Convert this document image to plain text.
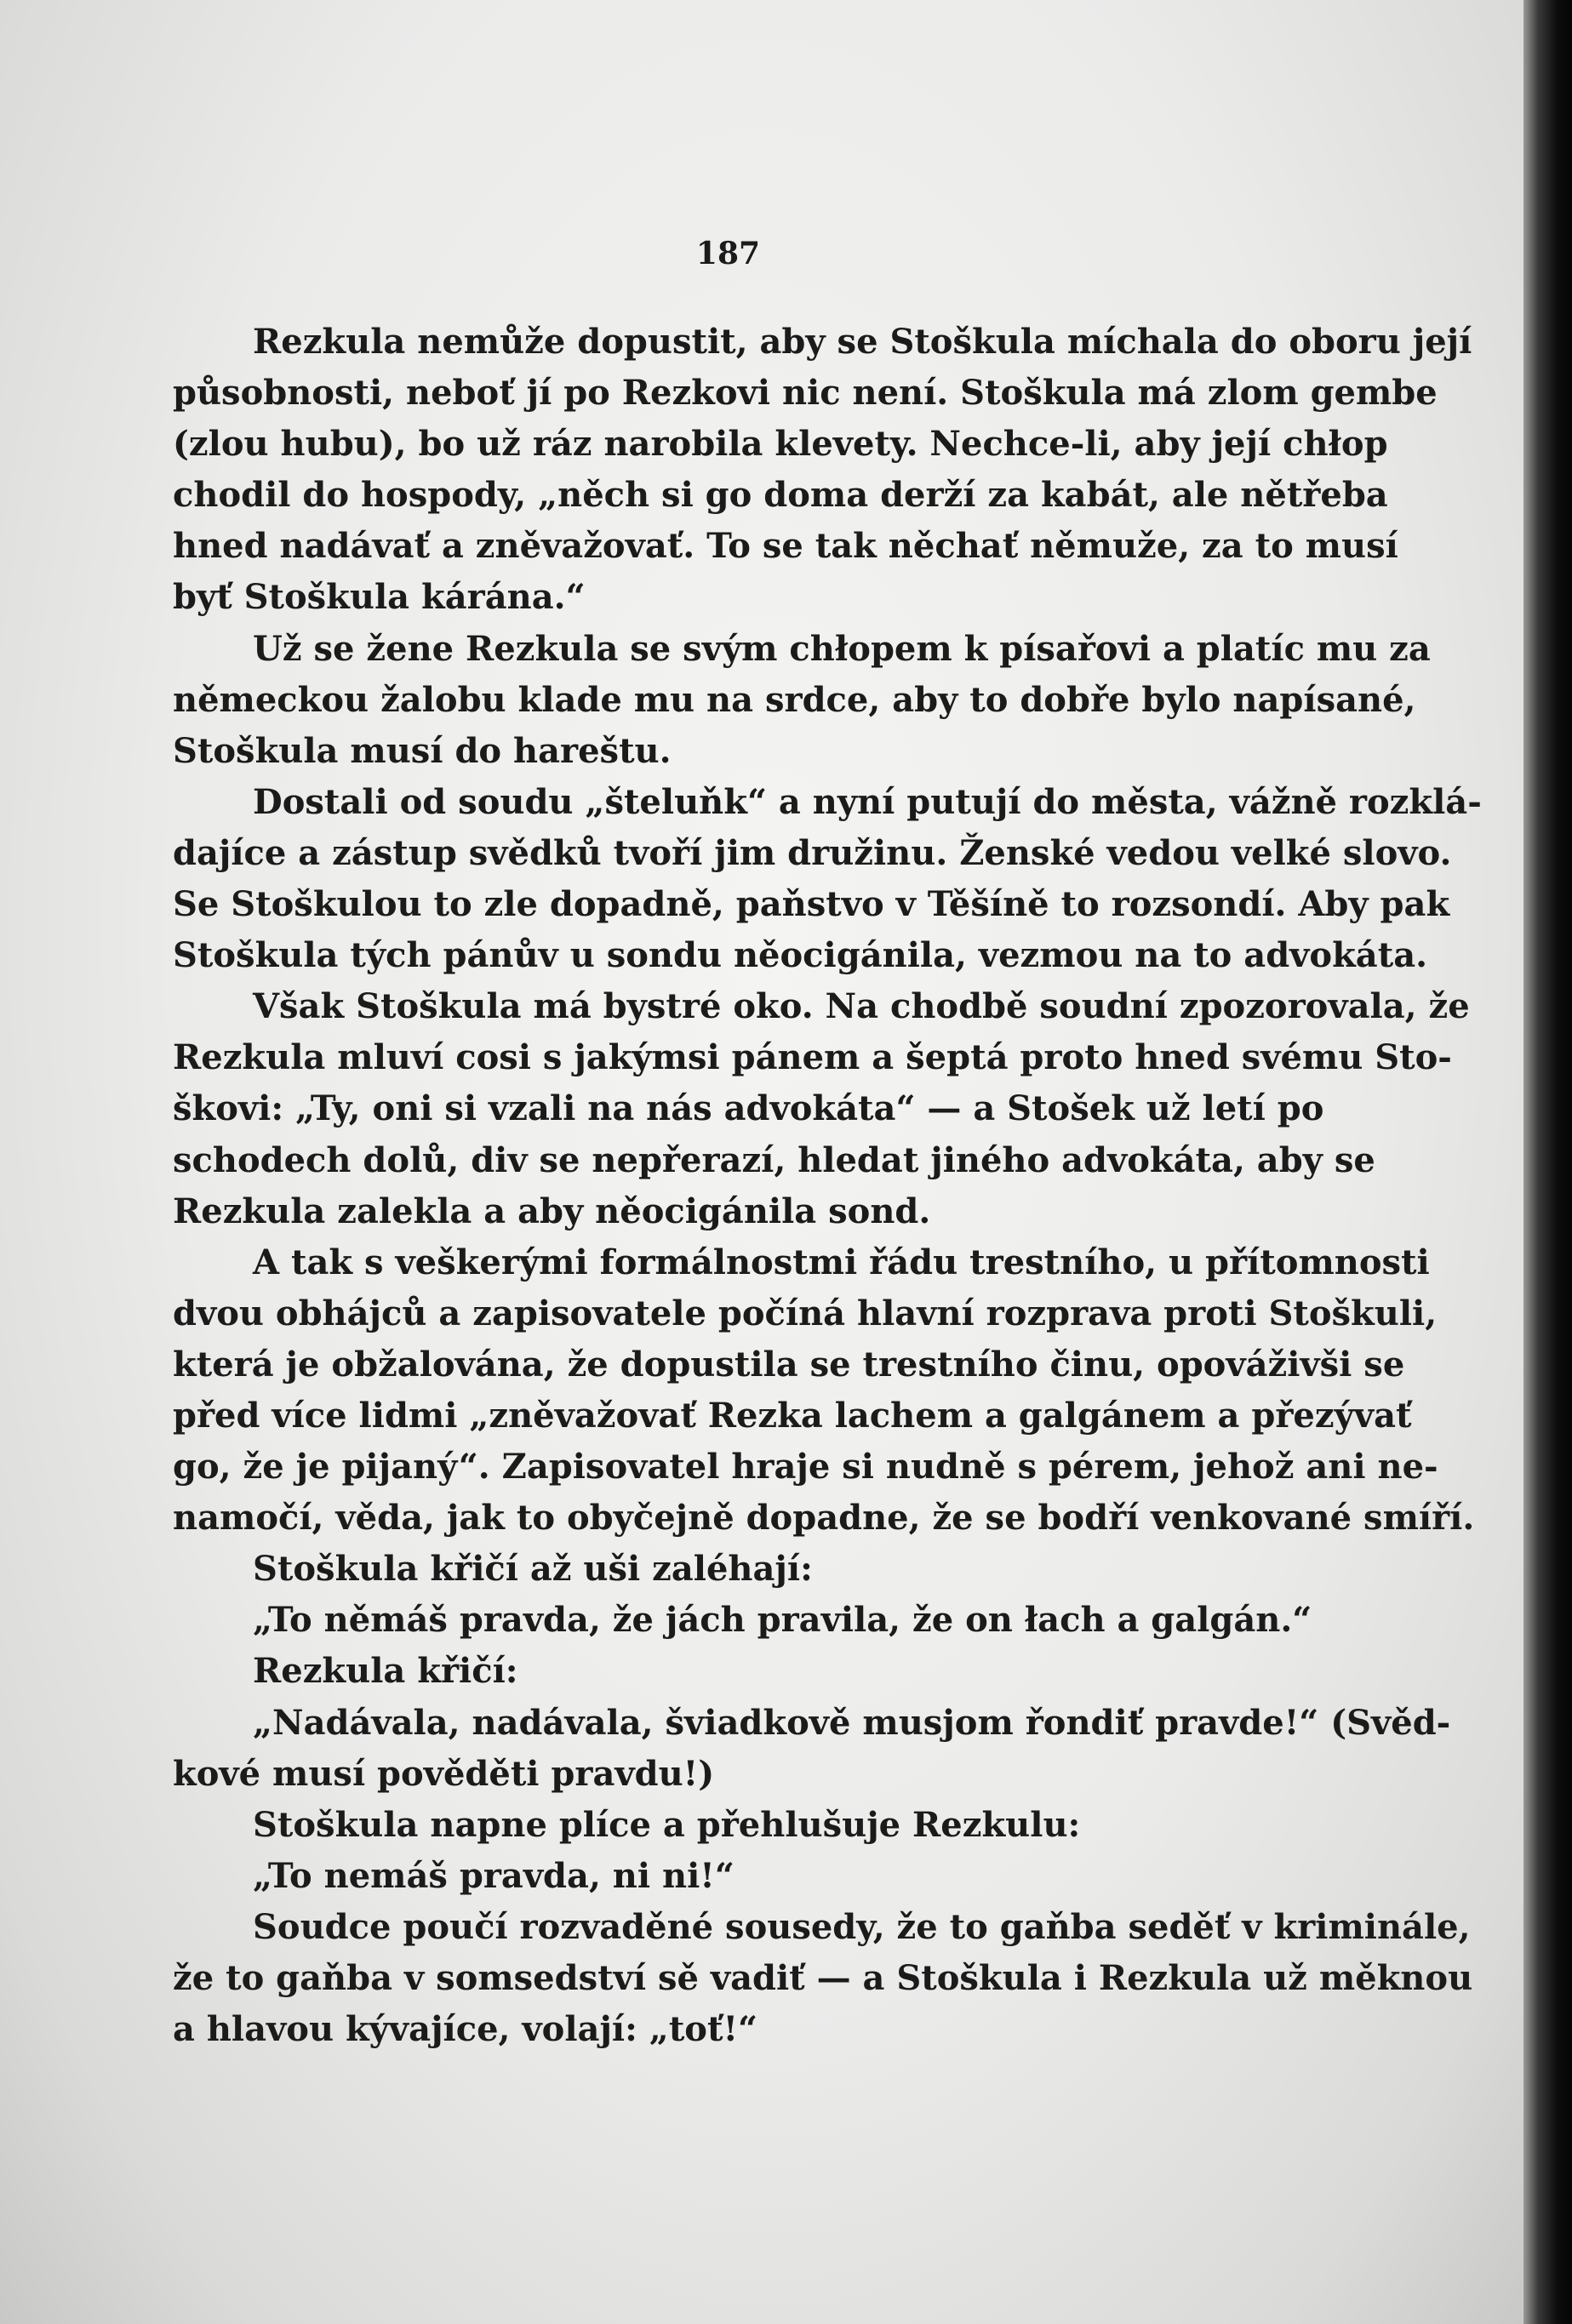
187
Rezkula nemůže dopustit, aby se Stoškula míchala do oboru její
působnosti, neboť jí po Rezkovi nic není. Stoškula má zlom gembe
(zlou hubu), bo už ráz narobila klevety. Nechce-li, aby její chłop
chodil do hospody, „něch si go doma derží za kabát, ale nětřeba
hned nadávať a zněvažovať. To se tak něchať němuže, za to musí
byť Stoškula kárána.“
Už se žene Rezkula se svým chłopem k písařovi a platíc mu za
německou žalobu klade mu na srdce, aby to dobře bylo napísané,
Stoškula musí do hareštu.
Dostali od soudu „šteluňk“ a nyní putují do města, vážně rozklá-
dajíce a zástup svědků tvoří jim družinu. Ženské vedou velké slovo.
Se Stoškulou to zle dopadně, paňstvo v Těšíně to rozsondí. Aby pak
Stoškula tých pánův u sondu něocigánila, vezmou na to advokáta.
Však Stoškula má bystré oko. Na chodbě soudní zpozorovala, že
Rezkula mluví cosi s jakýmsi pánem a šeptá proto hned svému Sto-
škovi: „Ty, oni si vzali na nás advokáta“ — a Stošek už letí po
schodech dolů, div se nepřerazí, hledat jiného advokáta, aby se
Rezkula zalekla a aby něocigánila sond.
A tak s veškerými formálnostmi řádu trestního, u přítomnosti
dvou obhájců a zapisovatele počíná hlavní rozprava proti Stoškuli,
která je obžalována, že dopustila se trestního činu, opováživši se
před více lidmi „zněvažovať Rezka lachem a galgánem a přezývať
go, že je pijaný“. Zapisovatel hraje si nudně s pérem, jehož ani ne-
namočí, věda, jak to obyčejně dopadne, že se bodří venkované smíří.
Stoškula křičí až uši zaléhají:
„To němáš pravda, že jách pravila, že on łach a galgán.“
Rezkula křičí:
„Nadávala, nadávala, šviadkově musjom řondiť pravde!“ (Svěd-
kové musí pověděti pravdu!)
Stoškula napne plíce a přehlušuje Rezkulu:
„To nemáš pravda, ni ni!“
Soudce poučí rozvaděné sousedy, že to gaňba seděť v kriminále,
že to gaňba v somsedství sě vadiť — a Stoškula i Rezkula už měknou
a hlavou kývajíce, volají: „toť!“
